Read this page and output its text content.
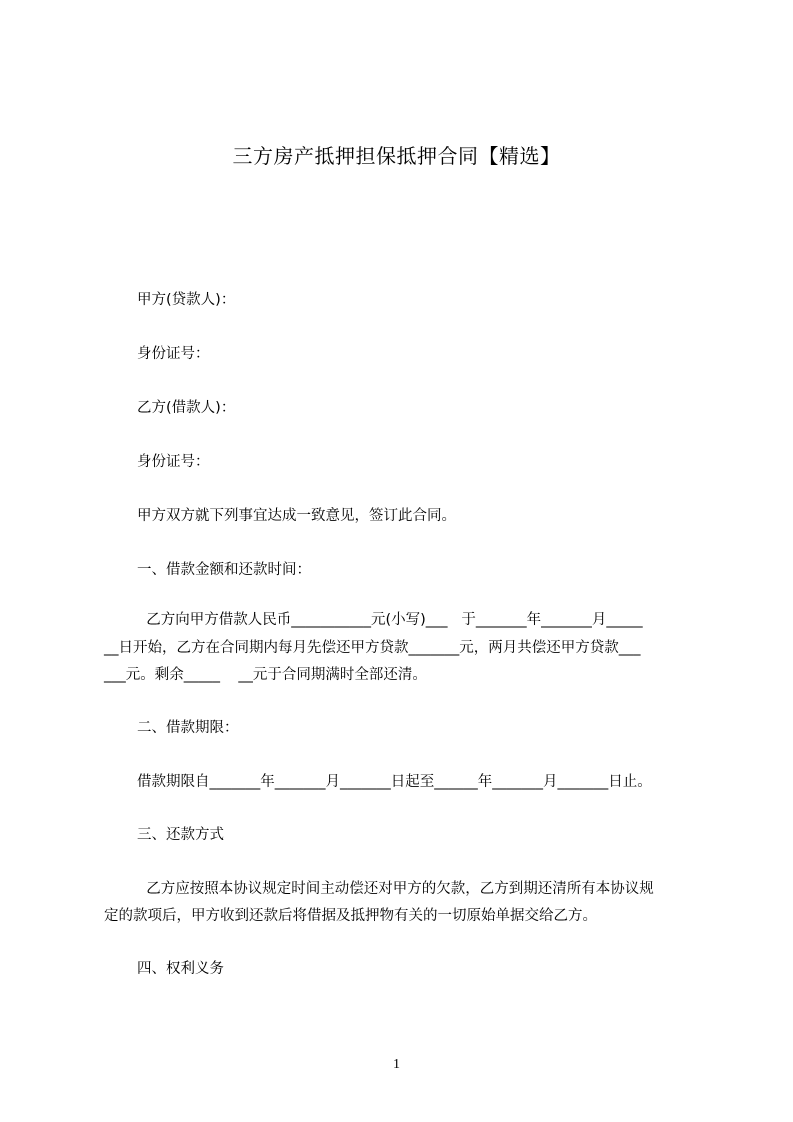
三方房产抵押担保抵押合同【精选】
甲方(贷款人)：
身份证号：
乙方(借款人)：
身份证号：
甲方双方就下列事宜达成一致意见，签订此合同。
一、借款金额和还款时间：
乙方向甲方借款人民币___________元(小写)___   于_______年_______月_____
__日开始，乙方在合同期内每月先偿还甲方贷款_______元，两月共偿还甲方贷款___
___元。剩余_____    __元于合同期满时全部还清。
二、借款期限：
借款期限自_______年_______月_______日起至______年_______月_______日止。
三、还款方式
乙方应按照本协议规定时间主动偿还对甲方的欠款，乙方到期还清所有本协议规
定的款项后，甲方收到还款后将借据及抵押物有关的一切原始单据交给乙方。
四、权利义务
1
